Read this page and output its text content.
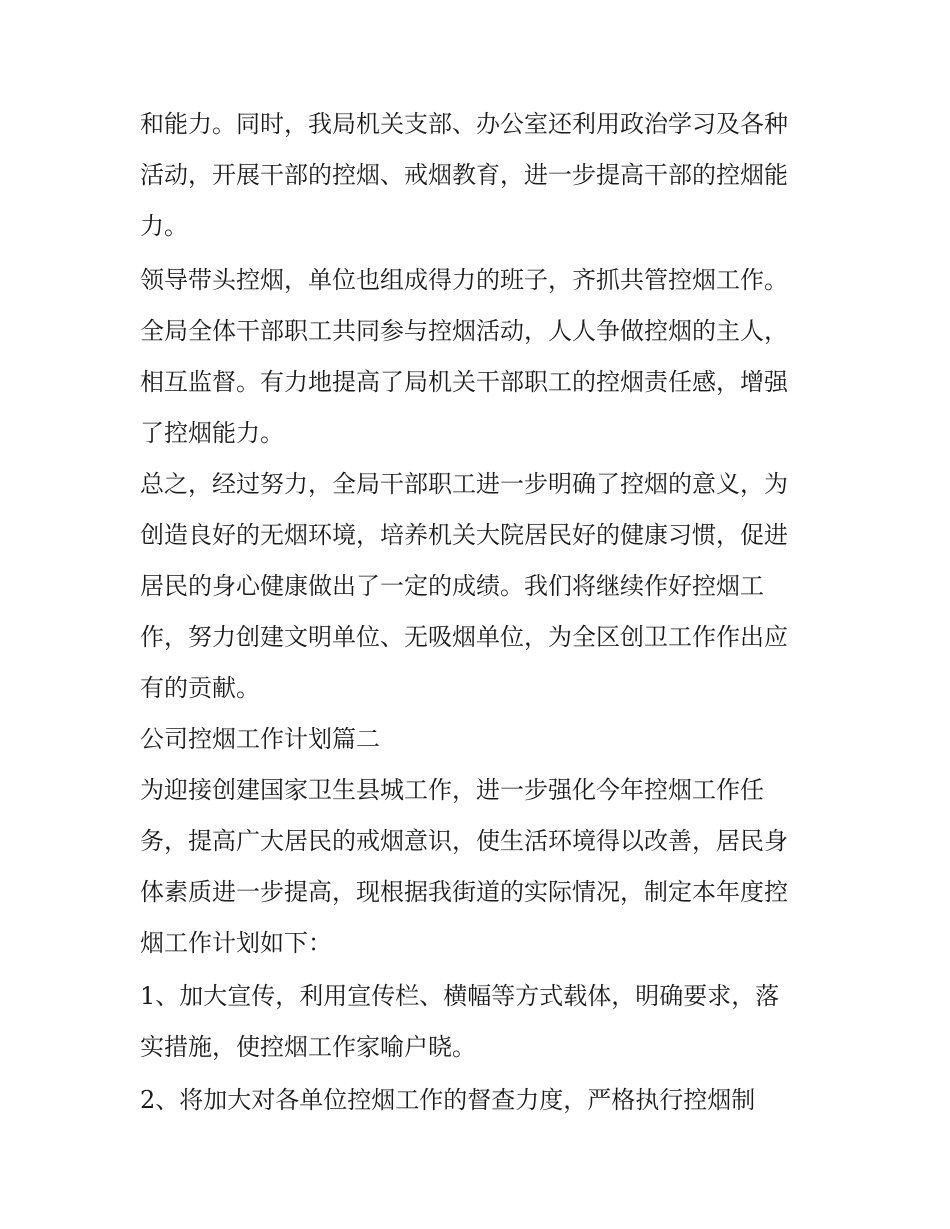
和能力。同时，我局机关支部、办公室还利用政治学习及各种
活动，开展干部的控烟、戒烟教育，进一步提高干部的控烟能
力。
领导带头控烟，单位也组成得力的班子，齐抓共管控烟工作。
全局全体干部职工共同参与控烟活动，人人争做控烟的主人，
相互监督。有力地提高了局机关干部职工的控烟责任感，增强
了控烟能力。
总之，经过努力，全局干部职工进一步明确了控烟的意义，为
创造良好的无烟环境，培养机关大院居民好的健康习惯，促进
居民的身心健康做出了一定的成绩。我们将继续作好控烟工
作，努力创建文明单位、无吸烟单位，为全区创卫工作作出应
有的贡献。
公司控烟工作计划篇二
为迎接创建国家卫生县城工作，进一步强化今年控烟工作任
务，提高广大居民的戒烟意识，使生活环境得以改善，居民身
体素质进一步提高，现根据我街道的实际情况，制定本年度控
烟工作计划如下：
1、加大宣传，利用宣传栏、横幅等方式载体，明确要求，落
实措施，使控烟工作家喻户晓。
2、将加大对各单位控烟工作的督查力度，严格执行控烟制
